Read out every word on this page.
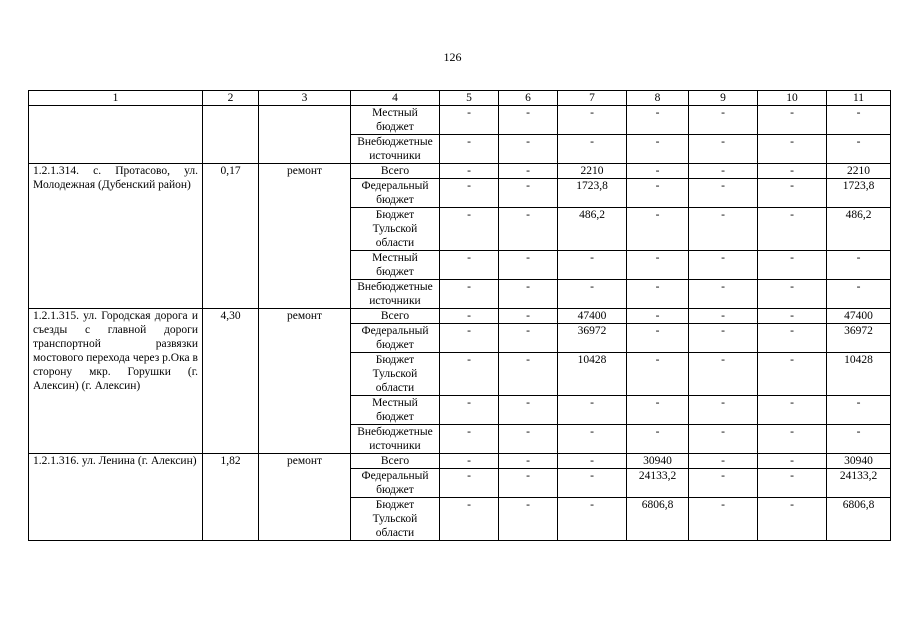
126
1	2	3	4	5	6	7	8	9	10	11
			Местный бюджет	-	-	-	-	-	-	-
			Внебюджетные источники	-	-	-	-	-	-	-
1.2.1.314. с. Протасово, ул. Молодежная (Дубенский район)	0,17	ремонт	Всего	-	-	2210	-	-	-	2210
			Федеральный бюджет	-	-	1723,8	-	-	-	1723,8
			Бюджет Тульской области	-	-	486,2	-	-	-	486,2
			Местный бюджет	-	-	-	-	-	-	-
			Внебюджетные источники	-	-	-	-	-	-	-
1.2.1.315. ул. Городская дорога и съезды с главной дороги транспортной развязки мостового перехода через р.Ока в сторону мкр. Горушки (г. Алексин) (г. Алексин)	4,30	ремонт	Всего	-	-	47400	-	-	-	47400
			Федеральный бюджет	-	-	36972	-	-	-	36972
			Бюджет Тульской области	-	-	10428	-	-	-	10428
			Местный бюджет	-	-	-	-	-	-	-
			Внебюджетные источники	-	-	-	-	-	-	-
1.2.1.316. ул. Ленина (г. Алексин)	1,82	ремонт	Всего	-	-	-	30940	-	-	30940
			Федеральный бюджет	-	-	-	24133,2	-	-	24133,2
			Бюджет Тульской области	-	-	-	6806,8	-	-	6806,8
